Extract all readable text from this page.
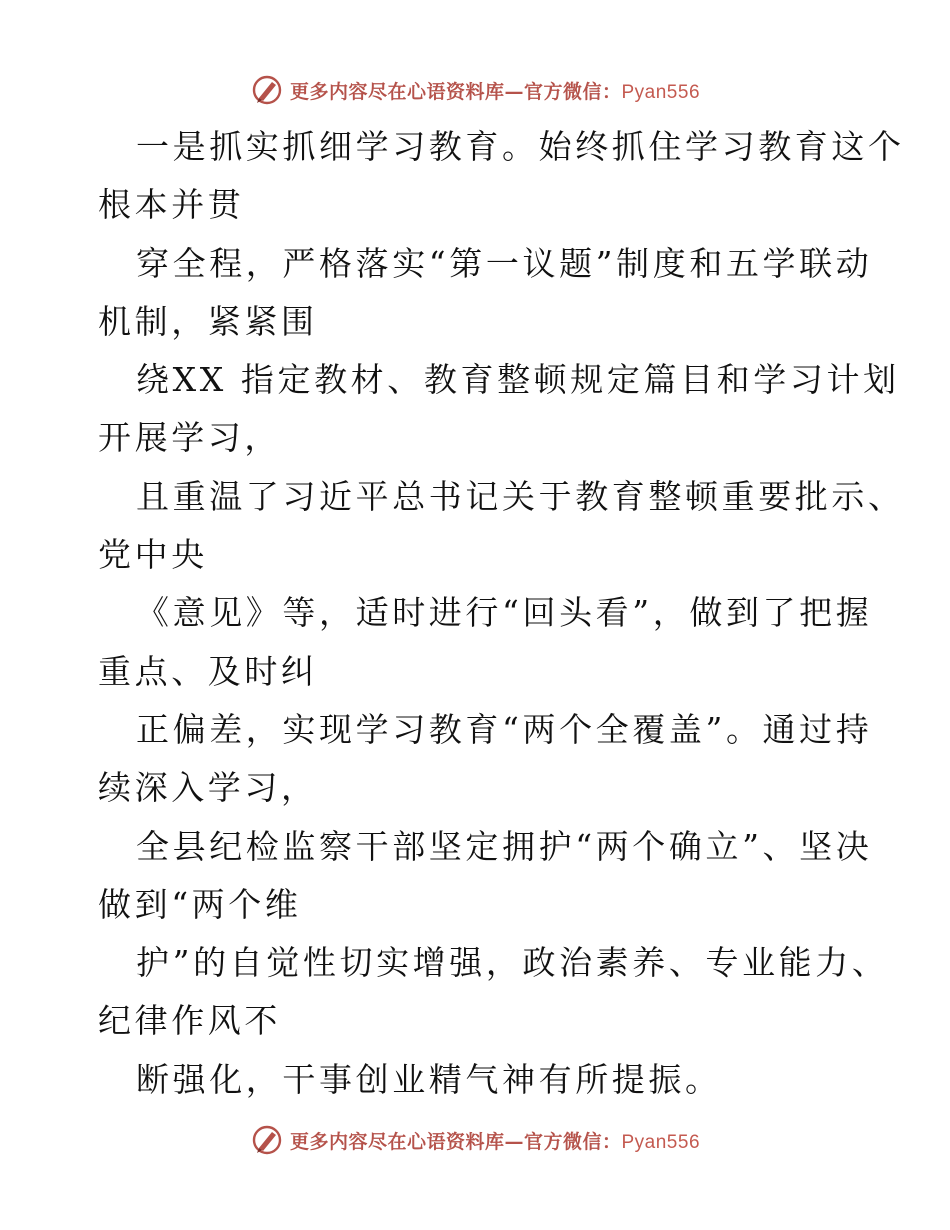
更多内容尽在心语资料库—官方微信：Pyan556
一是抓实抓细学习教育。始终抓住学习教育这个
根本并贯
穿全程，严格落实“第一议题”制度和五学联动
机制，紧紧围
绕XX 指定教材、教育整顿规定篇目和学习计划
开展学习，
且重温了习近平总书记关于教育整顿重要批示、
党中央
《意见》等，适时进行“回头看”，做到了把握
重点、及时纠
正偏差，实现学习教育“两个全覆盖”。通过持
续深入学习，
全县纪检监察干部坚定拥护“两个确立”、坚决
做到“两个维
护”的自觉性切实增强，政治素养、专业能力、
纪律作风不
断强化，干事创业精气神有所提振。
更多内容尽在心语资料库—官方微信：Pyan556
